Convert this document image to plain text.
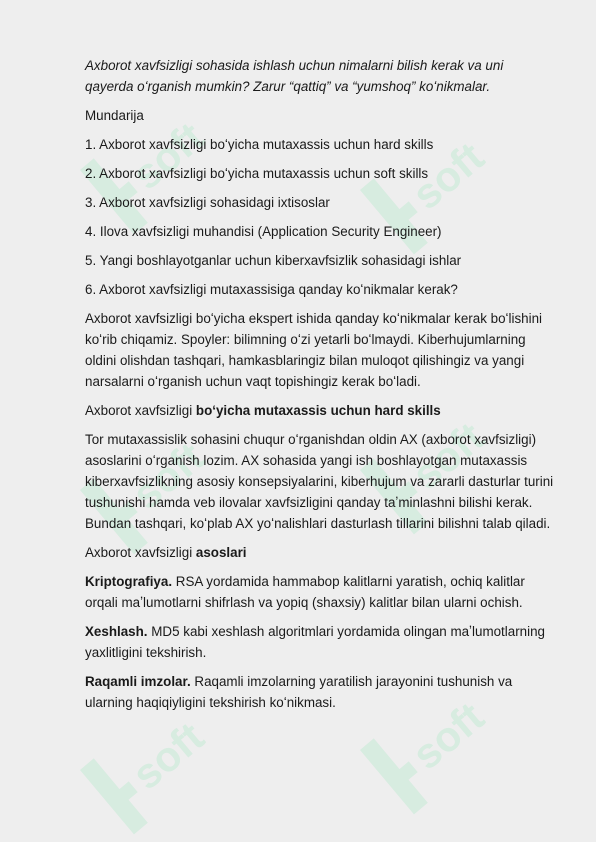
soft	soft
soft	soft
soft	soft

Axborot xavfsizligi sohasida ishlash uchun nimalarni bilish kerak va uni qayerda oʻrganish mumkin? Zarur “qattiq” va “yumshoq” koʻnikmalar.

Mundarija
1. Axborot xavfsizligi boʻyicha mutaxassis uchun hard skills
2. Axborot xavfsizligi boʻyicha mutaxassis uchun soft skills
3. Axborot xavfsizligi sohasidagi ixtisoslar
4. Ilova xavfsizligi muhandisi (Application Security Engineer)
5. Yangi boshlayotganlar uchun kiberxavfsizlik sohasidagi ishlar
6. Axborot xavfsizligi mutaxassisiga qanday koʻnikmalar kerak?

Axborot xavfsizligi boʻyicha ekspert ishida qanday koʻnikmalar kerak boʻlishini koʻrib chiqamiz. Spoyler: bilimning oʻzi yetarli boʻlmaydi. Kiberhujumlarning oldini olishdan tashqari, hamkasblaringiz bilan muloqot qilishingiz va yangi narsalarni oʻrganish uchun vaqt topishingiz kerak boʻladi.

Axborot xavfsizligi boʻyicha mutaxassis uchun hard skills

Tor mutaxassislik sohasini chuqur oʻrganishdan oldin AX (axborot xavfsizligi) asoslarini oʻrganish lozim. AX sohasida yangi ish boshlayotgan mutaxassis kiberxavfsizlikning asosiy konsepsiyalarini, kiberhujum va zararli dasturlar turini tushunishi hamda veb ilovalar xavfsizligini qanday taʼminlashni bilishi kerak. Bundan tashqari, koʻplab AX yoʻnalishlari dasturlash tillarini bilishni talab qiladi.

Axborot xavfsizligi asoslari

Kriptografiya. RSA yordamida hammabop kalitlarni yaratish, ochiq kalitlar orqali maʼlumotlarni shifrlash va yopiq (shaxsiy) kalitlar bilan ularni ochish.

Xeshlash. MD5 kabi xeshlash algoritmlari yordamida olingan maʼlumotlarning yaxlitligini tekshirish.

Raqamli imzolar. Raqamli imzolarning yaratilish jarayonini tushunish va ularning haqiqiyligini tekshirish koʻnikmasi.
